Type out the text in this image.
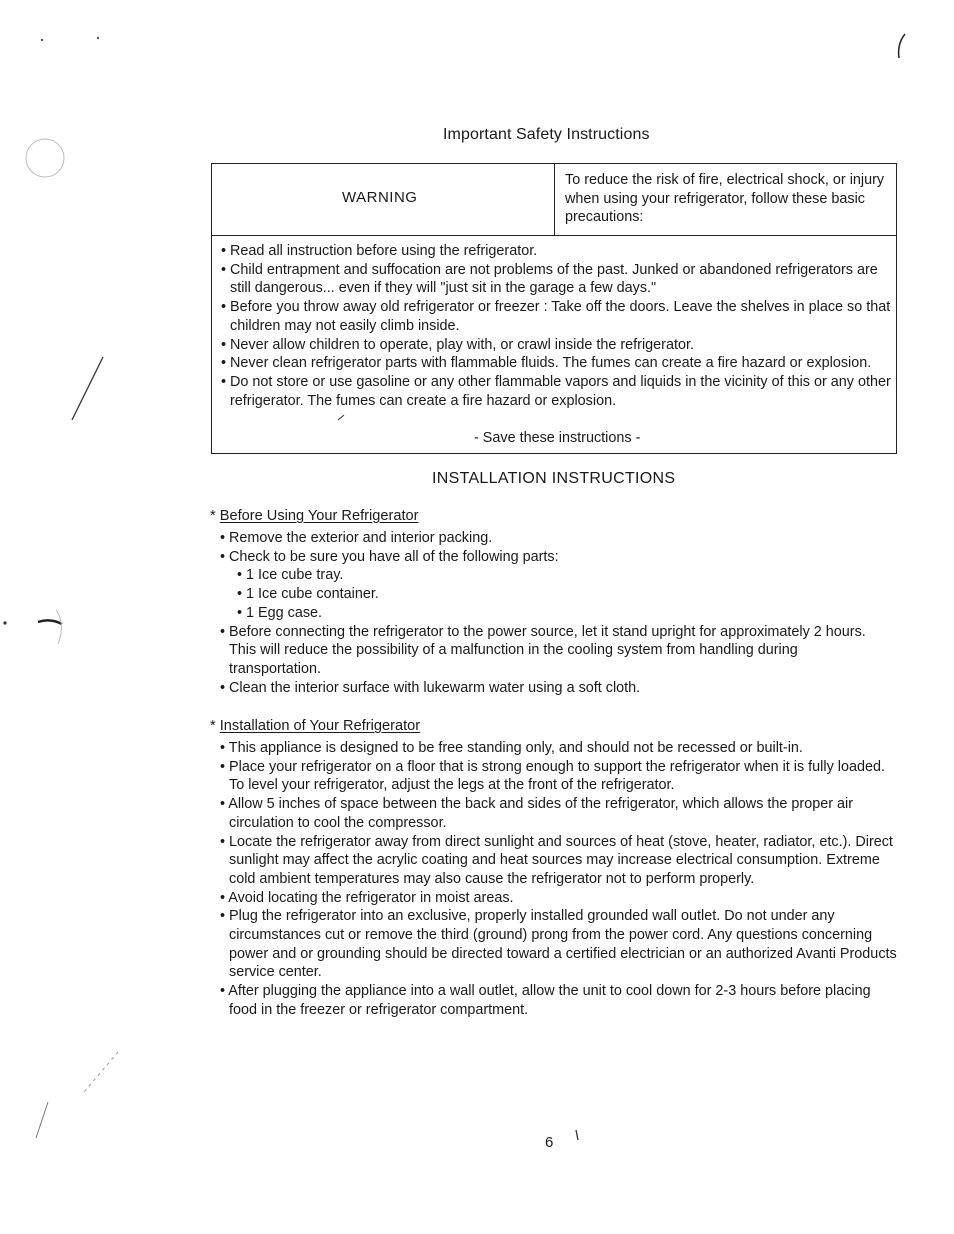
Important Safety Instructions
WARNING
To reduce the risk of fire, electrical shock, or injury when using your refrigerator, follow these basic precautions:
• Read all instruction before using the refrigerator.
• Child entrapment and suffocation are not problems of the past. Junked or abandoned refrigerators are still dangerous... even if they will "just sit in the garage a few days."
• Before you throw away old refrigerator or freezer : Take off the doors. Leave the shelves in place so that children may not easily climb inside.
• Never allow children to operate, play with, or crawl inside the refrigerator.
• Never clean refrigerator parts with flammable fluids. The fumes can create a fire hazard or explosion.
• Do not store or use gasoline or any other flammable vapors and liquids in the vicinity of this or any other refrigerator. The fumes can create a fire hazard or explosion.
- Save these instructions -
INSTALLATION INSTRUCTIONS
* Before Using Your Refrigerator
• Remove the exterior and interior packing.
• Check to be sure you have all of the following parts:
• 1 Ice cube tray.
• 1 Ice cube container.
• 1 Egg case.
• Before connecting the refrigerator to the power source, let it stand upright for approximately 2 hours. This will reduce the possibility of a malfunction in the cooling system from handling during transportation.
• Clean the interior surface with lukewarm water using a soft cloth.
* Installation of Your Refrigerator
• This appliance is designed to be free standing only, and should not be recessed or built-in.
• Place your refrigerator on a floor that is strong enough to support the refrigerator when it is fully loaded. To level your refrigerator, adjust the legs at the front of the refrigerator.
• Allow 5 inches of space between the back and sides of the refrigerator, which allows the proper air circulation to cool the compressor.
• Locate the refrigerator away from direct sunlight and sources of heat (stove, heater, radiator, etc.). Direct sunlight may affect the acrylic coating and heat sources may increase electrical consumption. Extreme cold ambient temperatures may also cause the refrigerator not to perform properly.
• Avoid locating the refrigerator in moist areas.
• Plug the refrigerator into an exclusive, properly installed grounded wall outlet. Do not under any circumstances cut or remove the third (ground) prong from the power cord. Any questions concerning power and or grounding should be directed toward a certified electrician or an authorized Avanti Products service center.
• After plugging the appliance into a wall outlet, allow the unit to cool down for 2-3 hours before placing food in the freezer or refrigerator compartment.
6
